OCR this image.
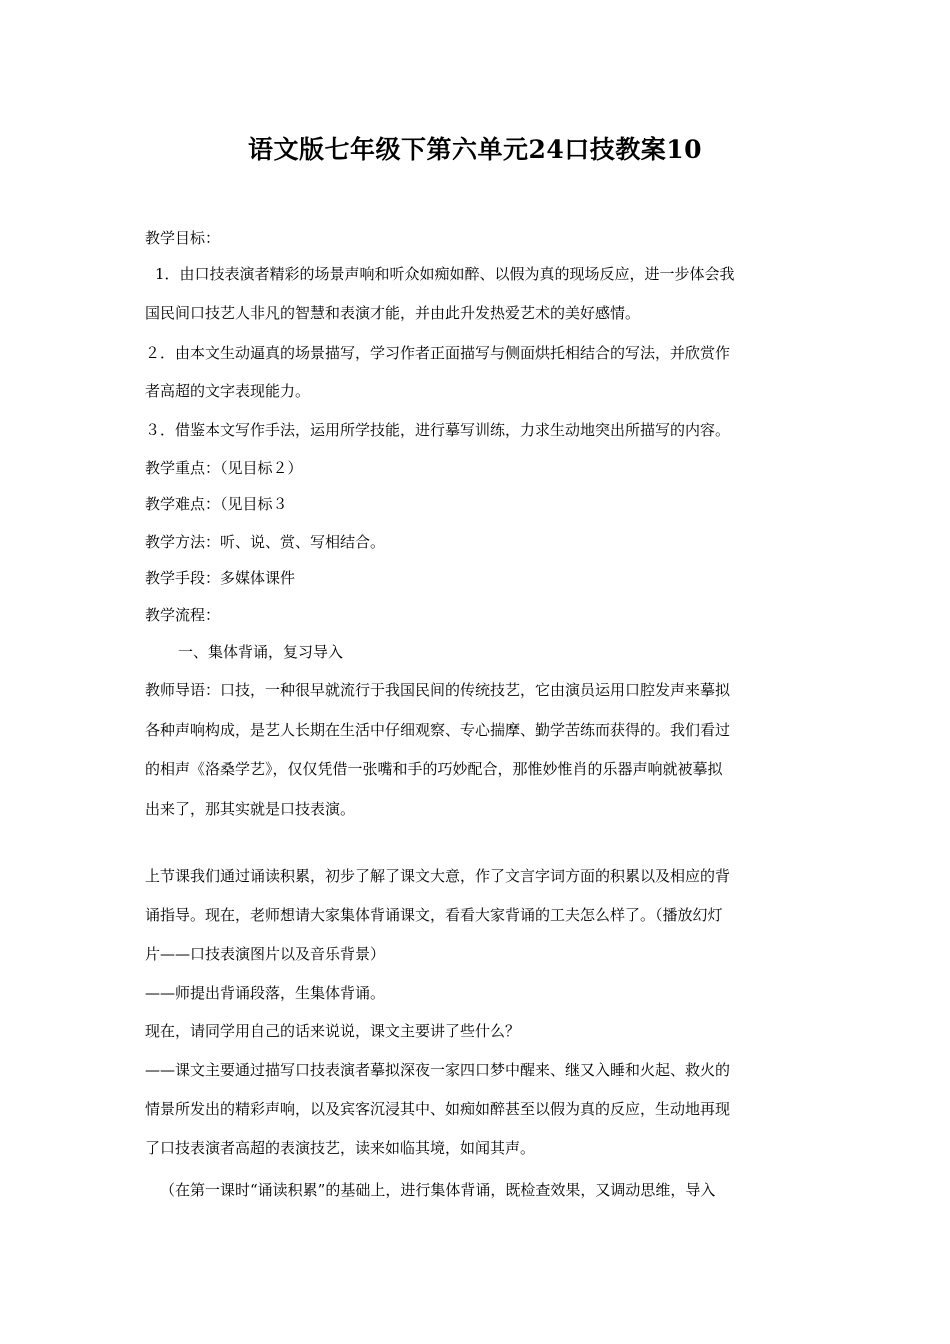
语文版七年级下第六单元24口技教案10
教学目标：
1．由口技表演者精彩的场景声响和听众如痴如醉、以假为真的现场反应，进一步体会我
国民间口技艺人非凡的智慧和表演才能，并由此升发热爱艺术的美好感情。
２．由本文生动逼真的场景描写，学习作者正面描写与侧面烘托相结合的写法，并欣赏作
者高超的文字表现能力。
３．借鉴本文写作手法，运用所学技能，进行摹写训练，力求生动地突出所描写的内容。
教学重点：（见目标２）
教学难点：（见目标３
教学方法：听、说、赏、写相结合。
教学手段：多媒体课件
教学流程：
一、集体背诵，复习导入
教师导语：口技，一种很早就流行于我国民间的传统技艺，它由演员运用口腔发声来摹拟
各种声响构成，是艺人长期在生活中仔细观察、专心揣摩、勤学苦练而获得的。我们看过
的相声《洛桑学艺》，仅仅凭借一张嘴和手的巧妙配合，那惟妙惟肖的乐器声响就被摹拟
出来了，那其实就是口技表演。
上节课我们通过诵读积累，初步了解了课文大意，作了文言字词方面的积累以及相应的背
诵指导。现在，老师想请大家集体背诵课文，看看大家背诵的工夫怎么样了。（播放幻灯
片——口技表演图片以及音乐背景）
——师提出背诵段落，生集体背诵。
现在，请同学用自己的话来说说，课文主要讲了些什么？
——课文主要通过描写口技表演者摹拟深夜一家四口梦中醒来、继又入睡和火起、救火的
情景所发出的精彩声响，以及宾客沉浸其中、如痴如醉甚至以假为真的反应，生动地再现
了口技表演者高超的表演技艺，读来如临其境，如闻其声。
（在第一课时“诵读积累”的基础上，进行集体背诵，既检查效果，又调动思维，导入
